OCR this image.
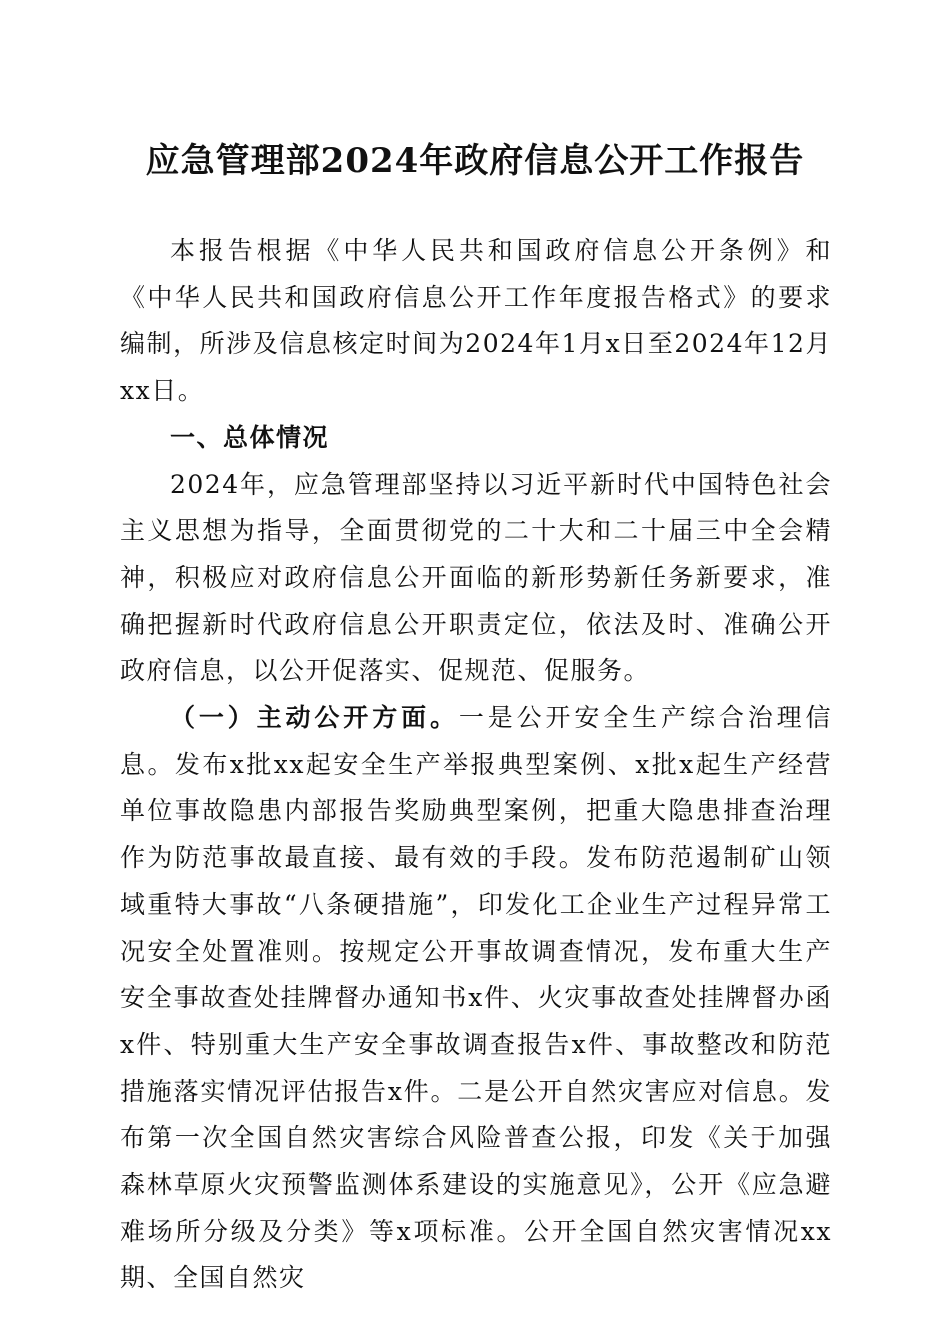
应急管理部2024年政府信息公开工作报告

本报告根据《中华人民共和国政府信息公开条例》和《中华人民共和国政府信息公开工作年度报告格式》的要求编制，所涉及信息核定时间为2024年1月x日至2024年12月xx日。

一、总体情况

2024年，应急管理部坚持以习近平新时代中国特色社会主义思想为指导，全面贯彻党的二十大和二十届三中全会精神，积极应对政府信息公开面临的新形势新任务新要求，准确把握新时代政府信息公开职责定位，依法及时、准确公开政府信息，以公开促落实、促规范、促服务。

（一）主动公开方面。一是公开安全生产综合治理信息。发布x批xx起安全生产举报典型案例、x批x起生产经营单位事故隐患内部报告奖励典型案例，把重大隐患排查治理作为防范事故最直接、最有效的手段。发布防范遏制矿山领域重特大事故“八条硬措施”，印发化工企业生产过程异常工况安全处置准则。按规定公开事故调查情况，发布重大生产安全事故查处挂牌督办通知书x件、火灾事故查处挂牌督办函x件、特别重大生产安全事故调查报告x件、事故整改和防范措施落实情况评估报告x件。二是公开自然灾害应对信息。发布第一次全国自然灾害综合风险普查公报，印发《关于加强森林草原火灾预警监测体系建设的实施意见》，公开《应急避难场所分级及分类》等x项标准。公开全国自然灾害情况xx期、全国自然灾
